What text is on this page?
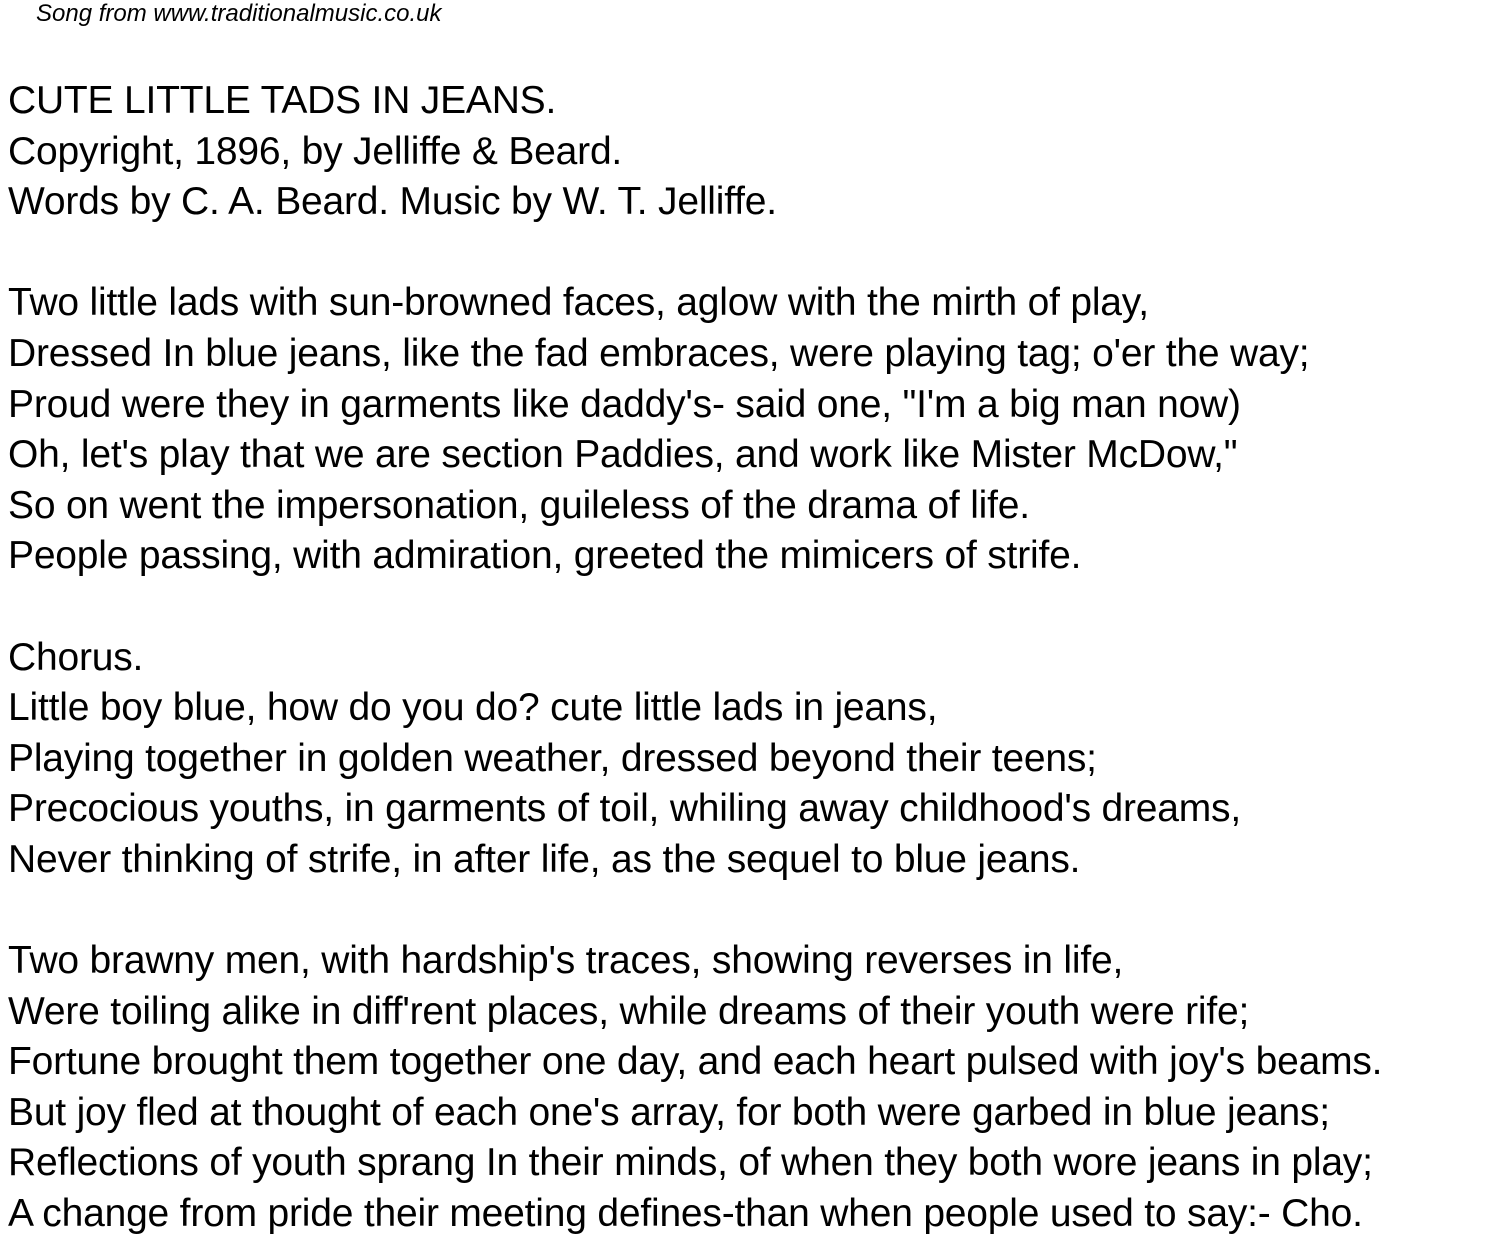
Song from www.traditionalmusic.co.uk
CUTE LITTLE TADS IN JEANS.
Copyright, 1896, by Jelliffe & Beard.
Words by C. A. Beard. Music by W. T. Jelliffe.
Two little lads with sun-browned faces, aglow with the mirth of play,
Dressed In blue jeans, like the fad embraces, were playing tag; o'er the way;
Proud were they in garments like daddy's- said one, "I'm a big man now)
Oh, let's play that we are section Paddies, and work like Mister McDow,"
So on went the impersonation, guileless of the drama of life.
People passing, with admiration, greeted the mimicers of strife.
Chorus.
Little boy blue, how do you do? cute little lads in jeans,
Playing together in golden weather, dressed beyond their teens;
Precocious youths, in garments of toil, whiling away childhood's dreams,
Never thinking of strife, in after life, as the sequel to blue jeans.
Two brawny men, with hardship's traces, showing reverses in life,
Were toiling alike in diff'rent places, while dreams of their youth were rife;
Fortune brought them together one day, and each heart pulsed with joy's beams.
But joy fled at thought of each one's array, for both were garbed in blue jeans;
Reflections of youth sprang In their minds, of when they both wore jeans in play;
A change from pride their meeting defines-than when people used to say:- Cho.
